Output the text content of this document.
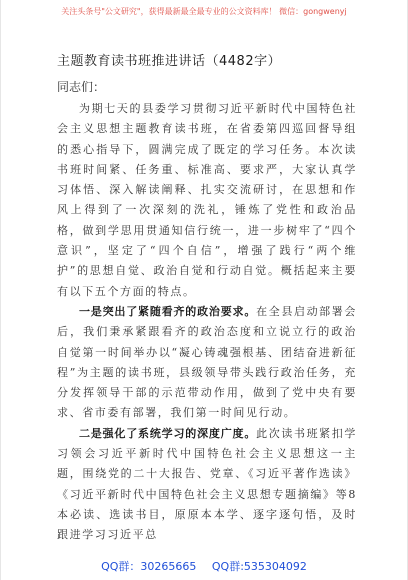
关注头条号"公文研究"，获得最新最全最专业的公文资料库！ 微信：gongwenyj
主题教育读书班推进讲话（4482字）
同志们：

为期七天的县委学习贯彻习近平新时代中国特色社会主义思想主题教育读书班，在省委第四巡回督导组的悉心指导下，圆满完成了既定的学习任务。本次读书班时间紧、任务重、标准高、要求严，大家认真学习体悟、深入解读阐释、扎实交流研讨，在思想和作风上得到了一次深刻的洗礼，锤炼了党性和政治品格，做到学思用贯通知信行统一，进一步树牢了“四个意识”，坚定了“四个自信”，增强了践行“两个维护”的思想自觉、政治自觉和行动自觉。概括起来主要有以下五个方面的特点。

一是突出了紧随看齐的政治要求。在全县启动部署会后，我们秉承紧跟看齐的政治态度和立说立行的政治自觉第一时间举办以“凝心铸魂强根基、团结奋进新征程”为主题的读书班，县级领导带头践行政治任务，充分发挥领导干部的示范带动作用，做到了党中央有要求、省市委有部署，我们第一时间见行动。

二是强化了系统学习的深度广度。此次读书班紧扣学习领会习近平新时代中国特色社会主义思想这一主题，围绕党的二十大报告、党章、《习近平著作选读》《习近平新时代中国特色社会主义思想专题摘编》等8本必读、选读书目，原原本本学、逐字逐句悟，及时跟进学习习近平总

QQ群：30265665 QQ群:535304092
